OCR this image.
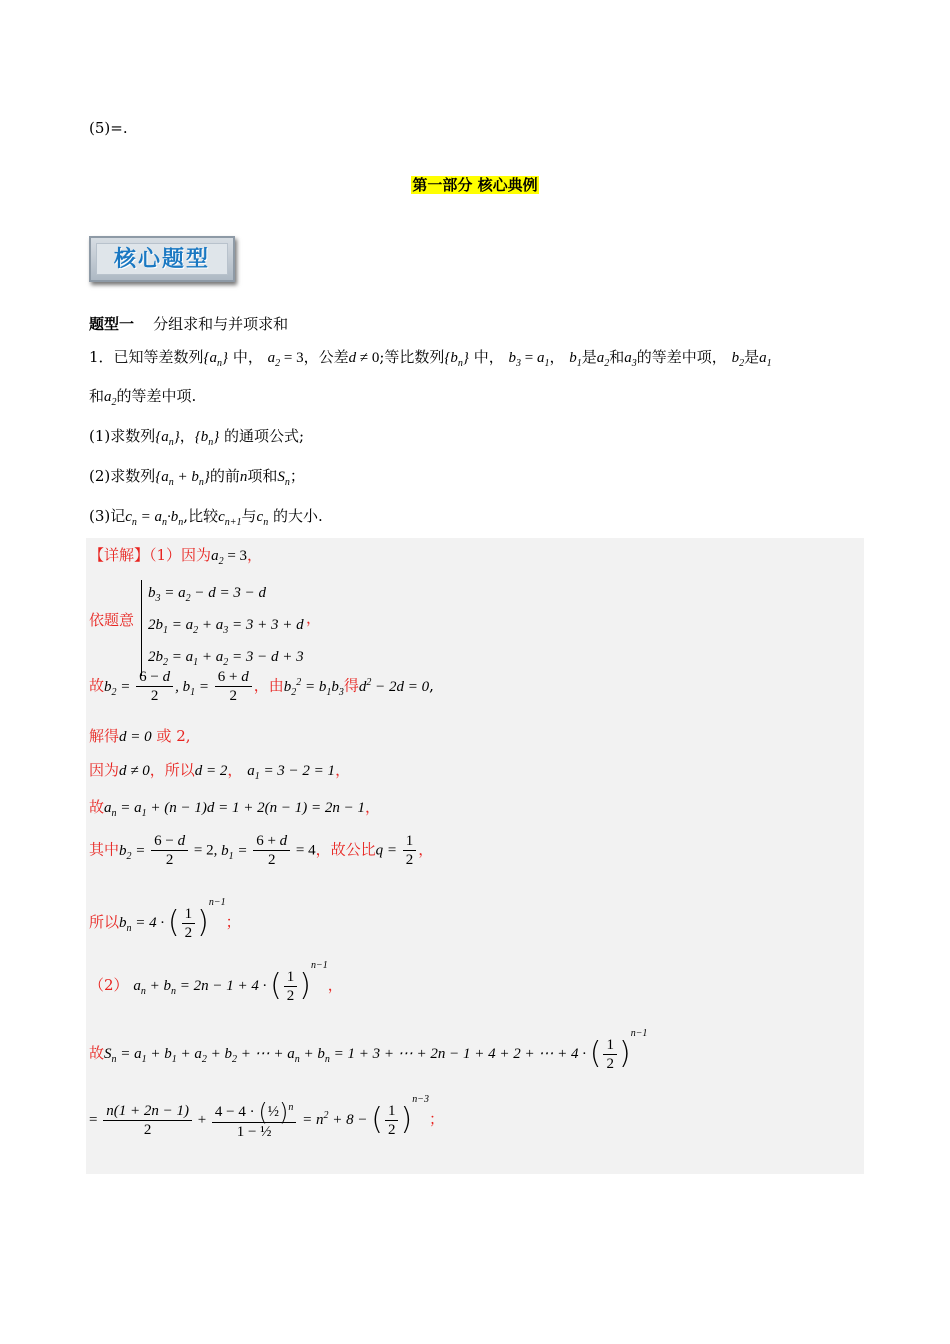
(5)=.
第一部分 核心典例
核心题型
题型一 分组求和与并项求和
1．已知等差数列$\{a_n\}$ 中， $a_2 = 3$，公差d ≠ 0;等比数列$\{b_n\}$ 中， $b_3 = a_1$， $b_1$是$a_2$和$a_3$的等差中项， $b_2$是$a_1$
和$a_2$的等差中项.
(1)求数列$\{a_n\}$，$\{b_n\}$ 的通项公式;
(2)求数列$\{a_n + b_n\}$的前n项和$S_n$；
(3)记$c_n = a_n\cdot b_n$,比较$c_{n+1}$与$c_n$ 的大小.
【详解】（1）因为$a_2 = 3$，
依题意
$b_3 = a_2 - d = 3 - d$
$2b_1 = a_2 + a_3 = 3 + 3 + d$
$2b_2 = a_1 + a_2 = 3 - d + 3$
，
故$b_2 = \frac{6 - d}{2}$ , $b_1 = \frac{6 + d}{2}$ ，由$b_2^2 = b_1b_3$得$d^2 - 2d = 0$,
解得d = 0 或 2,
因为d ≠ 0，所以d = 2， $a_1 = 3 - 2 = 1$，
故$a_n = a_1 + (n - 1)d = 1 + 2(n - 1) = 2n - 1$，
其中$b_2 = \frac{6 - d}{2} = 2$, $b_1 = \frac{6 + d}{2} = 4$，故公比$q = \frac{1}{2}$ ，
所以$b_n = 4$ · ( $\frac{1}{2} )^{n-1}$；
（2） $a_n + b_n = 2n - 1 + 4$ · ( $\frac{1}{2} )^{n-1}$，
故$S_n = a_1 + b_1 + a_2 + b_2$ + ⋯ + $a_n + b_n = 1 + 3$ + ⋯ + 2n − 1 + 4 + 2 + ⋯ + 4 · ( $\frac{1}{2} )^{n-1}$
= $\frac{n(1 + 2n - 1)}{2} + \frac{4 - 4 \cdot (\frac{1}{2})^n}{\text{1 − ½}} = n^2 + 8$ − ( $\frac{1}{2} )^{n-3}$；
